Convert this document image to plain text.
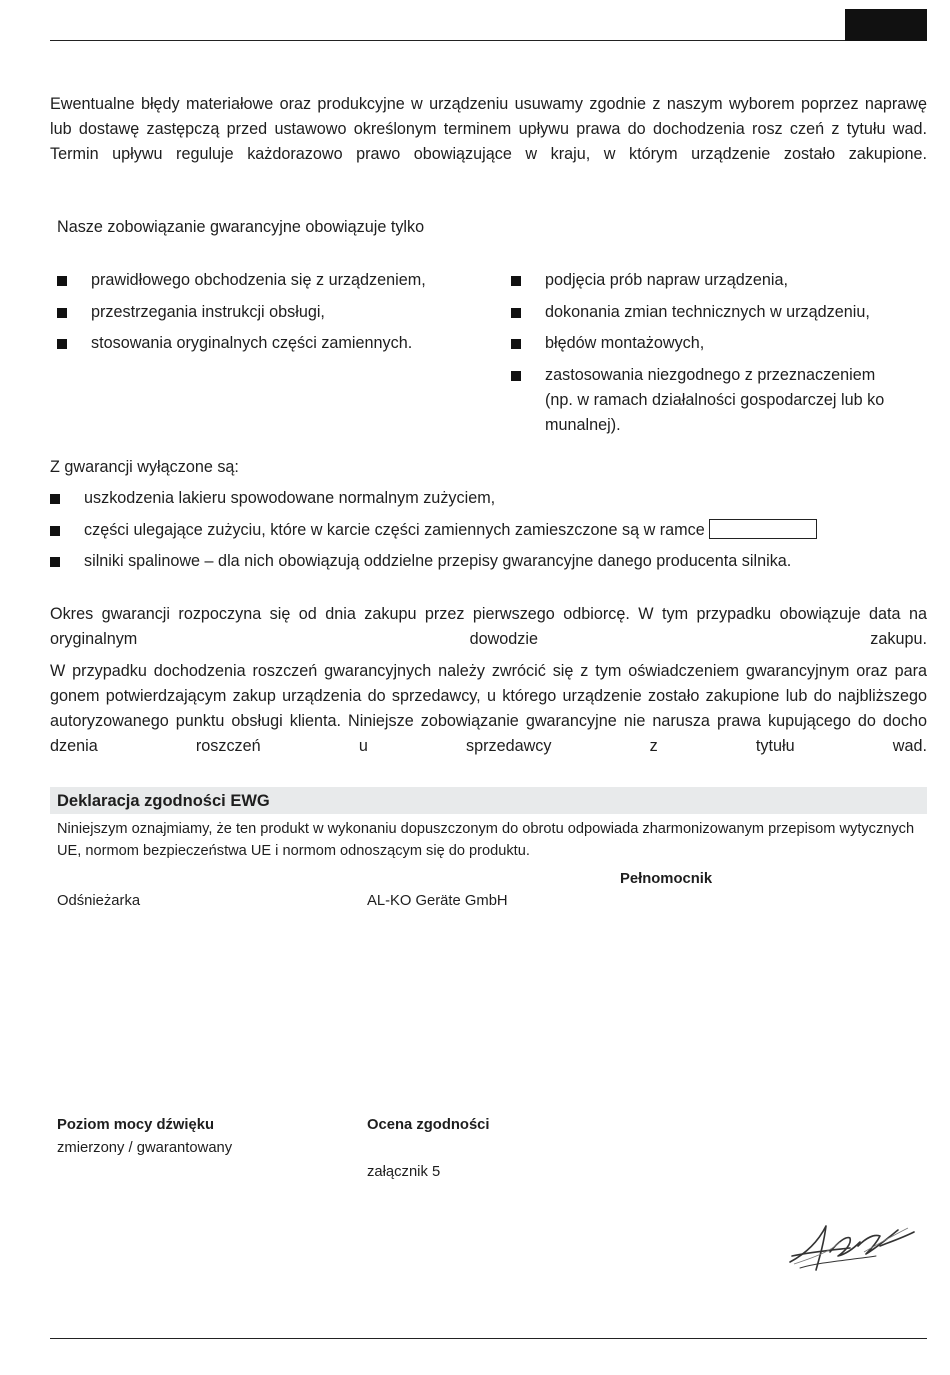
Ewentualne błędy materiałowe oraz produkcyjne w urządzeniu usuwamy zgodnie z naszym wyborem poprzez naprawę lub dostawę zastępczą przed ustawowo określonym terminem upływu prawa do dochodzenia rosz czeń z tytułu wad. Termin upływu reguluje każdorazowo prawo obowiązujące w kraju, w którym urządzenie zostało zakupione.

Nasze zobowiązanie gwarancyjne obowiązuje tylko

prawidłowego obchodzenia się z urządzeniem,
przestrzegania instrukcji obsługi,
stosowania oryginalnych części zamiennych.
podjęcia prób napraw urządzenia,
dokonania zmian technicznych w urządzeniu,
błędów montażowych,
zastosowania niezgodnego z przeznaczeniem (np. w ramach działalności gospodarczej lub ko munalnej).

Z gwarancji wyłączone są:

uszkodzenia lakieru spowodowane normalnym zużyciem,
części ulegające zużyciu, które w karcie części zamiennych zamieszczone są w ramce
silniki spalinowe – dla nich obowiązują oddzielne przepisy gwarancyjne danego producenta silnika.

Okres gwarancji rozpoczyna się od dnia zakupu przez pierwszego odbiorcę. W tym przypadku obowiązuje data na oryginalnym dowodzie zakupu.

W przypadku dochodzenia roszczeń gwarancyjnych należy zwrócić się z tym oświadczeniem gwarancyjnym oraz para gonem potwierdzającym zakup urządzenia do sprzedawcy, u którego urządzenie zostało zakupione lub do najbliższego autoryzowanego punktu obsługi klienta. Niniejsze zobowiązanie gwarancyjne nie narusza prawa kupującego do docho dzenia roszczeń u sprzedawcy z tytułu wad.

Deklaracja zgodności EWG

Niniejszym oznajmiamy, że ten produkt w wykonaniu dopuszczonym do obrotu odpowiada zharmonizowanym przepisom wytycznych UE, normom bezpieczeństwa UE i normom odnoszącym się do produktu.

Pełnomocnik
Odśnieżarka	AL-KO Geräte GmbH
Poziom mocy dźwięku
zmierzony / gwarantowany
Ocena zgodności
załącznik 5
